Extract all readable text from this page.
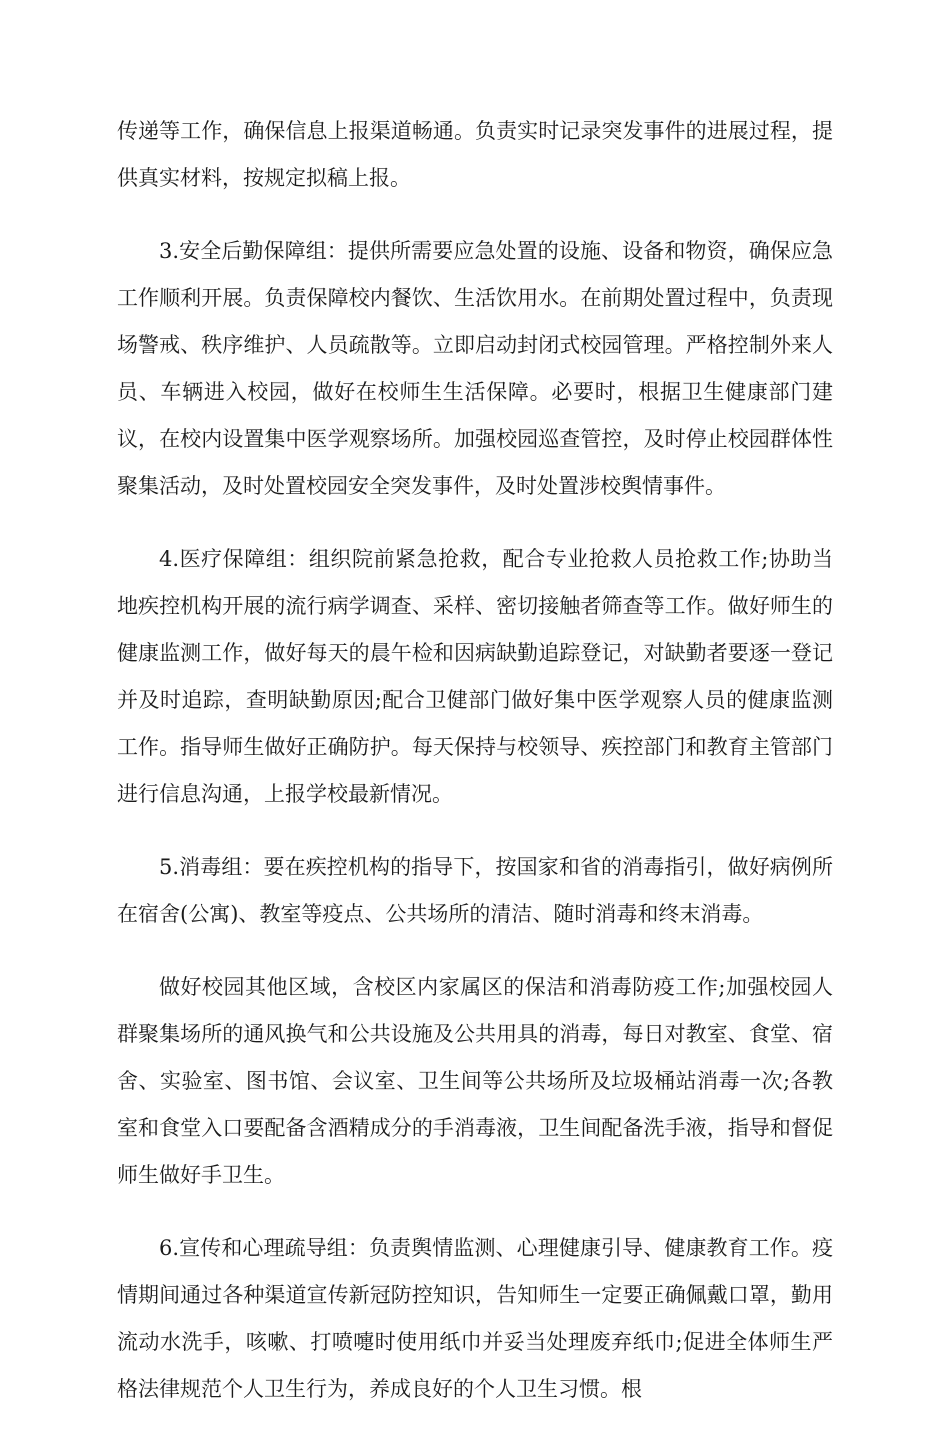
传递等工作，确保信息上报渠道畅通。负责实时记录突发事件的进展过程，提供真实材料，按规定拟稿上报。

3.安全后勤保障组：提供所需要应急处置的设施、设备和物资，确保应急工作顺利开展。负责保障校内餐饮、生活饮用水。在前期处置过程中，负责现场警戒、秩序维护、人员疏散等。立即启动封闭式校园管理。严格控制外来人员、车辆进入校园，做好在校师生生活保障。必要时，根据卫生健康部门建议，在校内设置集中医学观察场所。加强校园巡查管控，及时停止校园群体性聚集活动，及时处置校园安全突发事件，及时处置涉校舆情事件。

4.医疗保障组：组织院前紧急抢救，配合专业抢救人员抢救工作;协助当地疾控机构开展的流行病学调查、采样、密切接触者筛查等工作。做好师生的健康监测工作，做好每天的晨午检和因病缺勤追踪登记，对缺勤者要逐一登记并及时追踪，查明缺勤原因;配合卫健部门做好集中医学观察人员的健康监测工作。指导师生做好正确防护。每天保持与校领导、疾控部门和教育主管部门进行信息沟通，上报学校最新情况。

5.消毒组：要在疾控机构的指导下，按国家和省的消毒指引，做好病例所在宿舍(公寓)、教室等疫点、公共场所的清洁、随时消毒和终末消毒。

做好校园其他区域，含校区内家属区的保洁和消毒防疫工作;加强校园人群聚集场所的通风换气和公共设施及公共用具的消毒，每日对教室、食堂、宿舍、实验室、图书馆、会议室、卫生间等公共场所及垃圾桶站消毒一次;各教室和食堂入口要配备含酒精成分的手消毒液，卫生间配备洗手液，指导和督促师生做好手卫生。

6.宣传和心理疏导组：负责舆情监测、心理健康引导、健康教育工作。疫情期间通过各种渠道宣传新冠防控知识，告知师生一定要正确佩戴口罩，勤用流动水洗手，咳嗽、打喷嚏时使用纸巾并妥当处理废弃纸巾;促进全体师生严格法律规范个人卫生行为，养成良好的个人卫生习惯。根
